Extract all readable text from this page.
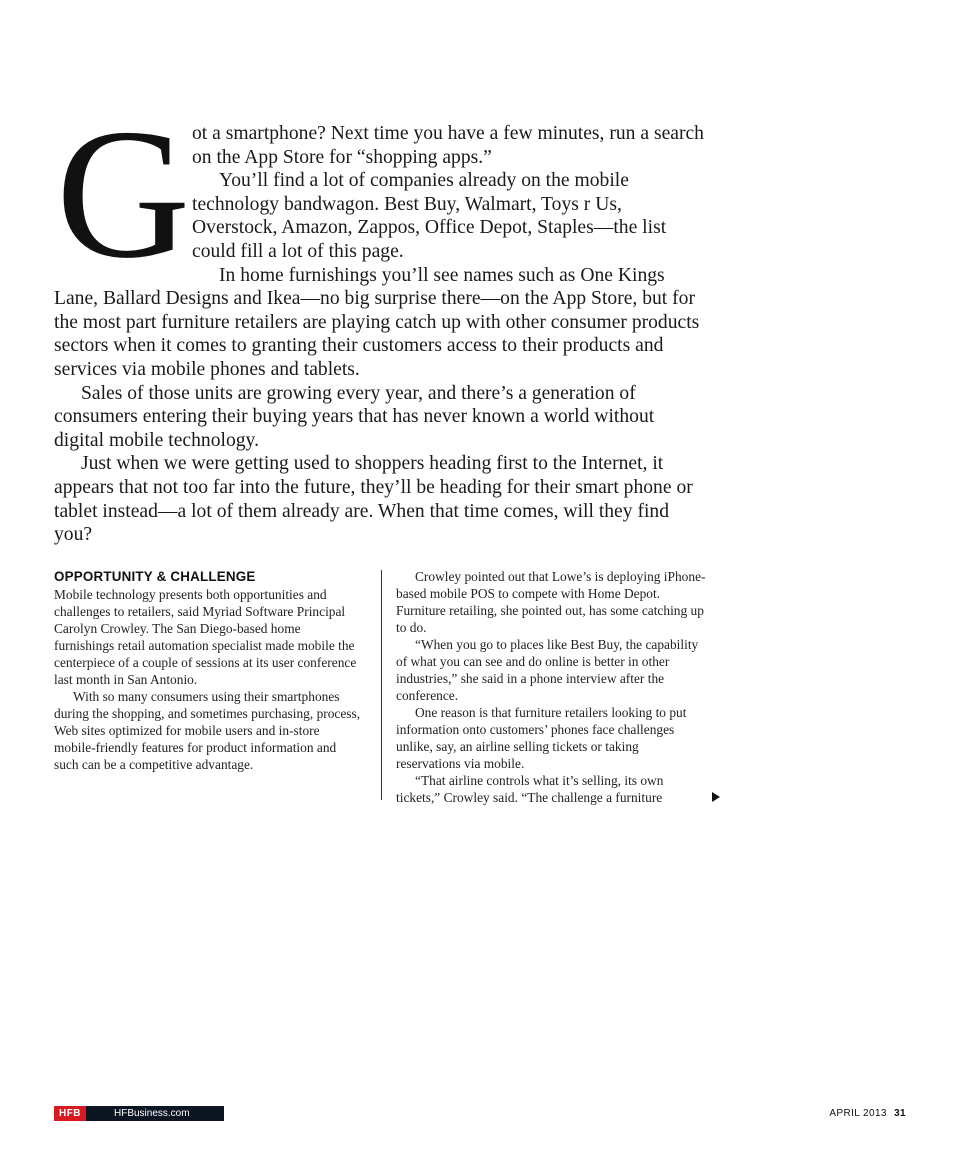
G ot a smartphone? Next time you have a few minutes, run a search on the App Store for “shopping apps.”

You’ll find a lot of companies already on the mobile technology bandwagon. Best Buy, Walmart, Toys r Us, Overstock, Amazon, Zappos, Office Depot, Staples—the list could fill a lot of this page.

In home furnishings you’ll see names such as One Kings Lane, Ballard Designs and Ikea—no big surprise there—on the App Store, but for the most part furniture retailers are playing catch up with other consumer products sectors when it comes to granting their customers access to their products and services via mobile phones and tablets.

Sales of those units are growing every year, and there’s a generation of consumers entering their buying years that has never known a world without digital mobile technology.

Just when we were getting used to shoppers heading first to the Internet, it appears that not too far into the future, they’ll be heading for their smart phone or tablet instead—a lot of them already are. When that time comes, will they find you?

OPPORTUNITY & CHALLENGE

Mobile technology presents both opportunities and challenges to retailers, said Myriad Software Principal Carolyn Crowley. The San Diego-based home furnishings retail automation specialist made mobile the centerpiece of a couple of sessions at its user conference last month in San Antonio.

With so many consumers using their smartphones during the shopping, and sometimes purchasing, process, Web sites optimized for mobile users and in-store mobile-friendly features for product information and such can be a competitive advantage.

Crowley pointed out that Lowe’s is deploying iPhone-based mobile POS to compete with Home Depot. Furniture retailing, she pointed out, has some catching up to do.

“When you go to places like Best Buy, the capability of what you can see and do online is better in other industries,” she said in a phone interview after the conference.

One reason is that furniture retailers looking to put information onto customers’ phones face challenges unlike, say, an airline selling tickets or taking reservations via mobile.

“That airline controls what it’s selling, its own tickets,” Crowley said. “The challenge a furniture

HFB	HFBusiness.com	APRIL 2013 31
